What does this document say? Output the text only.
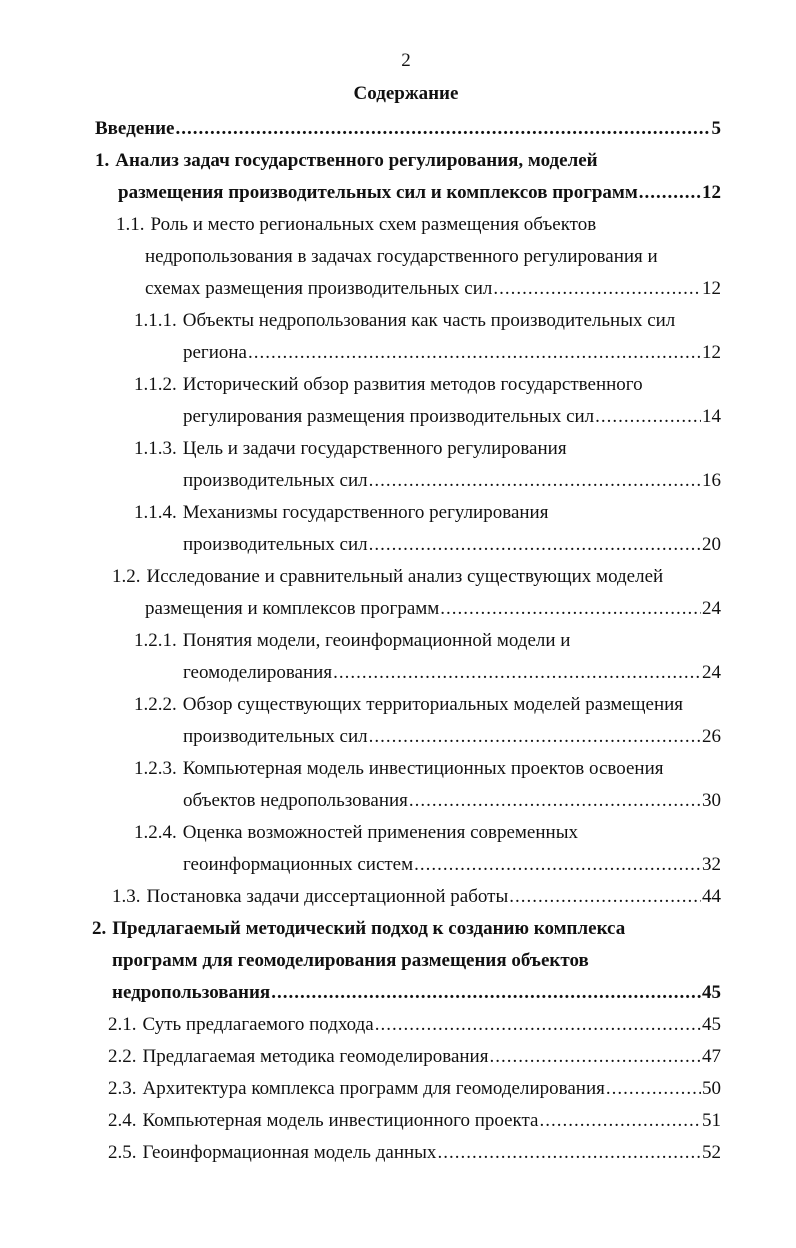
2
Содержание
Введение .....	5
1. Анализ задач государственного регулирования, моделей
размещения производительных сил и комплексов программ .....	12
1.1. Роль и место региональных схем размещения объектов
недропользования в задачах государственного регулирования и
схемах размещения производительных сил .....	12
1.1.1. Объекты недропользования как часть производительных сил
региона .....	12
1.1.2. Исторический обзор развития методов государственного
регулирования размещения производительных сил .....	14
1.1.3. Цель и задачи государственного регулирования
производительных сил .....	16
1.1.4. Механизмы государственного регулирования
производительных сил .....	20
1.2. Исследование и сравнительный анализ существующих моделей
размещения и комплексов программ .....	24
1.2.1. Понятия модели, геоинформационной модели и
геомоделирования .....	24
1.2.2. Обзор существующих территориальных моделей размещения
производительных сил .....	26
1.2.3. Компьютерная модель инвестиционных проектов освоения
объектов недропользования .....	30
1.2.4. Оценка возможностей применения современных
геоинформационных систем .....	32
1.3. Постановка задачи диссертационной работы .....	44
2. Предлагаемый методический подход к созданию комплекса
программ для геомоделирования размещения объектов
недропользования .....	45
2.1. Суть предлагаемого подхода .....	45
2.2. Предлагаемая методика геомоделирования .....	47
2.3. Архитектура комплекса программ для геомоделирования .....	50
2.4. Компьютерная модель инвестиционного проекта .....	51
2.5. Геоинформационная модель данных .....	52
